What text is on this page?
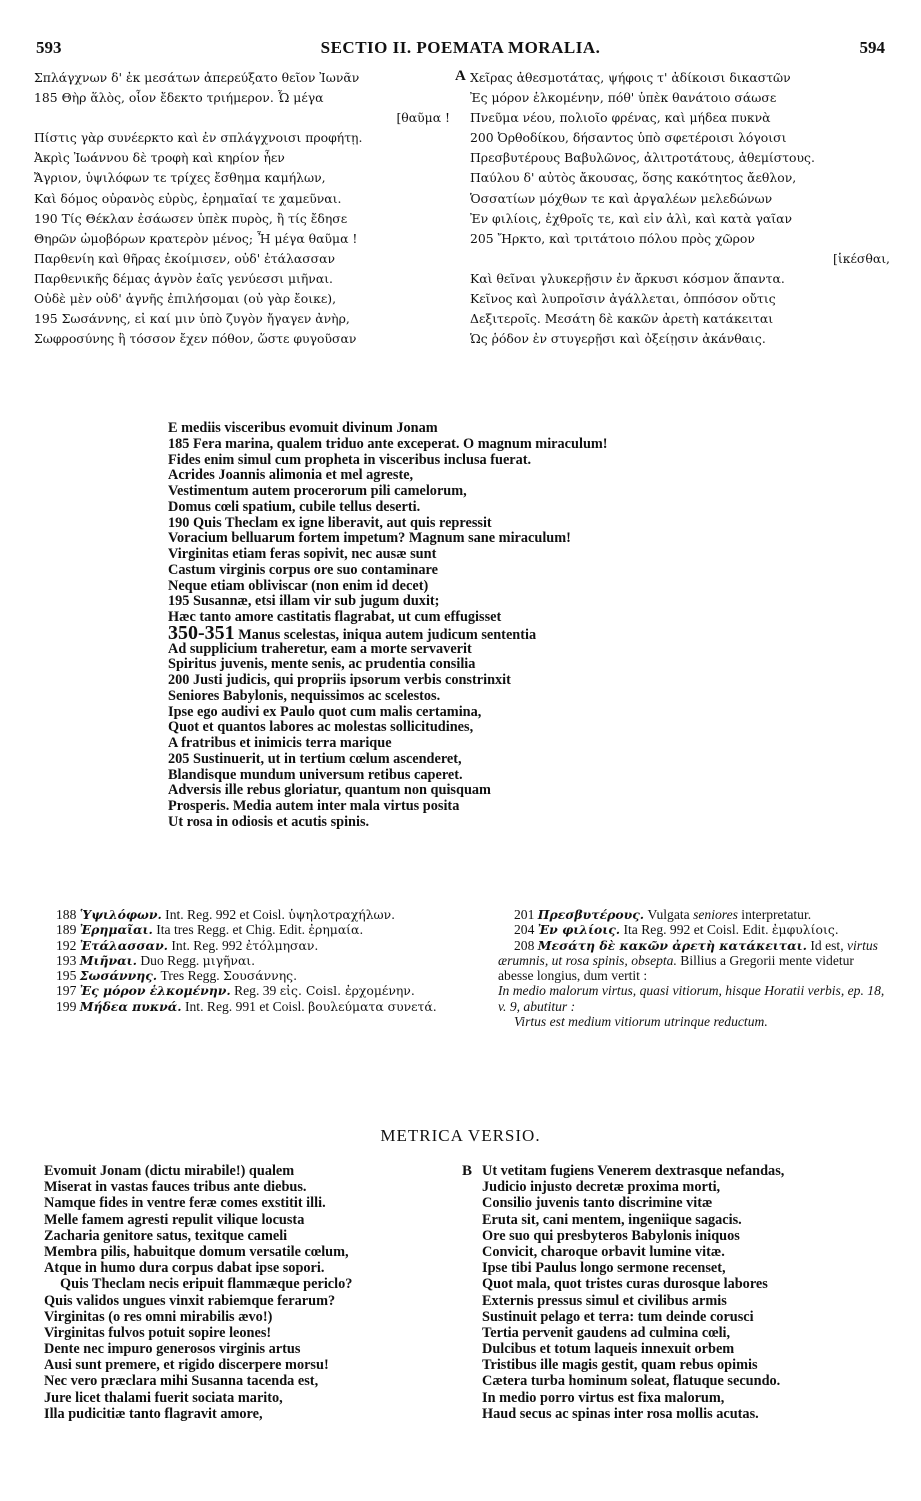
593	SECTIO II. POEMATA MORALIA.	594
Σπλάγχνων δ' ἐκ μεσάτων ἀπερεύξατο θεῖον Ἰωνᾶν
185 Θὴρ ἅλὸς, οἷον ἔδεκτο τριήμερον. Ὦ μέγα
[θαῦμα !
Πίστις γὰρ συνέερκτο καὶ ἐν σπλάγχνοισι προφήτῃ.
Ἀκρὶς Ἰωάννου δὲ τροφὴ καὶ κηρίον ἦεν
Ἄγριον, ὑψιλόφων τε τρίχες ἔσθημα καμήλων,
Καὶ δόμος οὐρανὸς εὐρὺς, ἐρημαῖαί τε χαμεῦναι.
190 Τίς Θέκλαν ἐσάωσεν ὑπὲκ πυρὸς, ἢ τίς ἔδησε
Θηρῶν ὠμοβόρων κρατερὸν μένος; Ἦ μέγα θαῦμα !
Παρθενίη καὶ θῆρας ἐκοίμισεν, οὐδ' ἐτάλασσαν
Παρθενικῆς δέμας ἁγνὸν ἑαῖς γενύεσσι μιῆναι.
Οὐδὲ μὲν οὐδ' ἁγνῆς ἐπιλήσομαι (οὐ γὰρ ἔοικε),
195 Σωσάννης, εἰ καί μιν ὑπὸ ζυγὸν ἤγαγεν ἀνὴρ,
Σωφροσύνης ἣ τόσσον ἔχεν πόθον, ὥστε φυγοῦσαν
A Χεῖρας ἀθεσμοτάτας, ψήφοις τ' ἀδίκοισι δικαστῶν
Ἐς μόρον ἑλκομένην, πόθ' ὑπὲκ θανάτοιο σάωσε
Πνεῦμα νέου, πολιοῖο φρένας, καὶ μήδεα πυκνὰ
200 Ὀρθοδίκου, δήσαντος ὑπὸ σφετέροισι λόγοισι
Πρεσβυτέρους Βαβυλῶνος, ἀλιτροτάτους, ἀθεμίστους.
Παύλου δ' αὐτὸς ἄκουσας, ὅσης κακότητος ἄεθλον,
Ὁσσατίων μόχθων τε καὶ ἀργαλέων μελεδώνων
Ἐν φιλίοις, ἐχθροῖς τε, καὶ εἰν ἁλὶ, καὶ κατὰ γαῖαν
205 Ἤρκτο, καὶ τριτάτοιο πόλου πρὸς χῶρον
[ἱκέσθαι,
Καὶ θεῖναι γλυκερῇσιν ἐν ἄρκυσι κόσμον ἅπαντα.
Κεῖνος καὶ λυπροῖσιν ἀγάλλεται, ὁππόσον οὔτις
Δεξιτεροῖς. Μεσάτη δὲ κακῶν ἀρετὴ κατάκειται
Ὡς ῥόδον ἐν στυγερῇσι καὶ ὀξείῃσιν ἀκάνθαις.
E mediis visceribus evomuit divinum Jonam
185 Fera marina, qualem triduo ante exceperat. O magnum miraculum!
Fides enim simul cum propheta in visceribus inclusa fuerat.
Acrides Joannis alimonia et mel agreste,
Vestimentum autem procerorum pili camelorum,
Domus cœli spatium, cubile tellus deserti.
190 Quis Theclam ex igne liberavit, aut quis repressit
Voracium belluarum fortem impetum? Magnum sane miraculum!
Virginitas etiam feras sopivit, nec ausæ sunt
Castum virginis corpus ore suo contaminare
Neque etiam obliviscar (non enim id decet)
195 Susannæ, etsi illam vir sub jugum duxit;
Hæc tanto amore castitatis flagrabat, ut cum effugisset
350-351 Manus scelestas, iniqua autem judicum sententia
Ad supplicium traheretur, eam a morte servaverit
Spiritus juvenis, mente senis, ac prudentia consilia
200 Justi judicis, qui propriis ipsorum verbis constrinxit
Seniores Babylonis, nequissimos ac scelestos.
Ipse ego audivi ex Paulo quot cum malis certamina,
Quot et quantos labores ac molestas sollicitudines,
A fratribus et inimicis terra marique
205 Sustinuerit, ut in tertium cœlum ascenderet,
Blandisque mundum universum retibus caperet.
Adversis ille rebus gloriatur, quantum non quisquam
Prosperis. Media autem inter mala virtus posita
Ut rosa in odiosis et acutis spinis.

188 Ὑψιλόφων. Int. Reg. 992 et Coisl. ὑψηλοτραχήλων.

189 Ἐρημαῖαι. Ita tres Regg. et Chig. Edit. ἐρημαία.

192 Ἐτάλασσαν. Int. Reg. 992 ἐτόλμησαν.

193 Μιῆναι. Duo Regg. μιγῆναι.

195 Σωσάννης. Tres Regg. Σουσάννης.

197 Ἐς μόρον ἑλκομένην. Reg. 39 εἰς. Coisl. ἐρχομένην.

199 Μήδεα πυκνά. Int. Reg. 991 et Coisl. βουλεύματα συνετά.

201 Πρεσβυτέρους. Vulgata seniores interpretatur.

204 Ἐν φιλίοις. Ita Reg. 992 et Coisl. Edit. ἐμφυλίοις.

208 Μεσάτη δὲ κακῶν ἀρετὴ κατάκειται. Id est, virtus ærumnis, ut rosa spinis, obsepta. Billius a Gregorii mente videtur abesse longius, dum vertit :

In medio malorum virtus, quasi vitiorum, hisque Horatii verbis, ep. 18, v. 9, abutitur :

Virtus est medium vitiorum utrinque reductum.

METRICA VERSIO.
Evomuit Jonam (dictu mirabile!) qualem
Miserat in vastas fauces tribus ante diebus.
Namque fides in ventre feræ comes exstitit illi.
Melle famem agresti repulit vilique locusta
Zacharia genitore satus, texitque cameli
Membra pilis, habuitque domum versatile cœlum,
Atque in humo dura corpus dabat ipse sopori.
Quis Theclam necis eripuit flammæque periclo?
Quis validos ungues vinxit rabiemque ferarum?
Virginitas (o res omni mirabilis ævo!)
Virginitas fulvos potuit sopire leones!
Dente nec impuro generosos virginis artus
Ausi sunt premere, et rigido discerpere morsu!
Nec vero præclara mihi Susanna tacenda est,
Jure licet thalami fuerit sociata marito,
Illa pudicitiæ tanto flagravit amore,
B Ut vetitam fugiens Venerem dextrasque nefandas,
Judicio injusto decretæ proxima morti,
Consilio juvenis tanto discrimine vitæ
Eruta sit, cani mentem, ingeniique sagacis.
Ore suo qui presbyteros Babylonis iniquos
Convicit, charoque orbavit lumine vitæ.
Ipse tibi Paulus longo sermone recenset,
Quot mala, quot tristes curas durosque labores
Externis pressus simul et civilibus armis
Sustinuit pelago et terra: tum deinde corusci
Tertia pervenit gaudens ad culmina cœli,
Dulcibus et totum laqueis innexuit orbem
Tristibus ille magis gestit, quam rebus opimis
Cætera turba hominum soleat, flatuque secundo.
In medio porro virtus est fixa malorum,
Haud secus ac spinas inter rosa mollis acutas.
